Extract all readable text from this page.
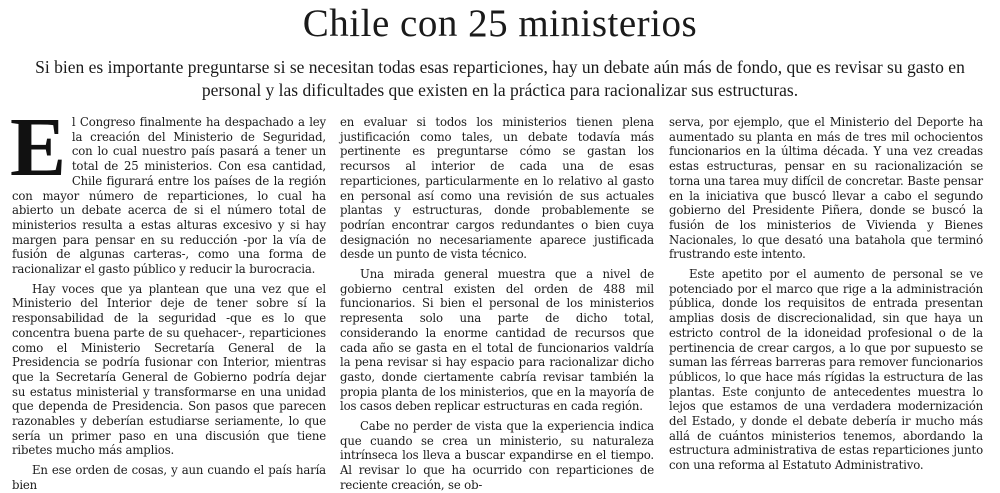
Chile con 25 ministerios

Si bien es importante preguntarse si se necesitan todas esas reparticiones, hay un debate aún más de fondo, que es revisar su gasto en personal y las dificultades que existen en la práctica para racionalizar sus estructuras.

E l Congreso finalmente ha despachado a ley la creación del Ministerio de Seguridad, con lo cual nuestro país pasará a tener un total de 25 ministerios. Con esa cantidad, Chile figurará entre los países de la región con mayor número de reparticiones, lo cual ha abierto un debate acerca de si el número total de ministerios resulta a estas alturas excesivo y si hay margen para pensar en su reducción -por la vía de fusión de algunas carteras-, como una forma de racionalizar el gasto público y reducir la burocracia.

Hay voces que ya plantean que una vez que el Ministerio del Interior deje de tener sobre sí la responsabilidad de la seguridad -que es lo que concentra buena parte de su quehacer-, reparticiones como el Ministerio Secretaría General de la Presidencia se podría fusionar con Interior, mientras que la Secretaría General de Gobierno podría dejar su estatus ministerial y transformarse en una unidad que dependa de Presidencia. Son pasos que parecen razonables y deberían estudiarse seriamente, lo que sería un primer paso en una discusión que tiene ribetes mucho más amplios.

En ese orden de cosas, y aun cuando el país haría bien

en evaluar si todos los ministerios tienen plena justificación como tales, un debate todavía más pertinente es preguntarse cómo se gastan los recursos al interior de cada una de esas reparticiones, particularmente en lo relativo al gasto en personal así como una revisión de sus actuales plantas y estructuras, donde probablemente se podrían encontrar cargos redundantes o bien cuya designación no necesariamente aparece justificada desde un punto de vista técnico.

Una mirada general muestra que a nivel de gobierno central existen del orden de 488 mil funcionarios. Si bien el personal de los ministerios representa solo una parte de dicho total, considerando la enorme cantidad de recursos que cada año se gasta en el total de funcionarios valdría la pena revisar si hay espacio para racionalizar dicho gasto, donde ciertamente cabría revisar también la propia planta de los ministerios, que en la mayoría de los casos deben replicar estructuras en cada región.

Cabe no perder de vista que la experiencia indica que cuando se crea un ministerio, su naturaleza intrínseca los lleva a buscar expandirse en el tiempo. Al revisar lo que ha ocurrido con reparticiones de reciente creación, se ob-

serva, por ejemplo, que el Ministerio del Deporte ha aumentado su planta en más de tres mil ochocientos funcionarios en la última década. Y una vez creadas estas estructuras, pensar en su racionalización se torna una tarea muy difícil de concretar. Baste pensar en la iniciativa que buscó llevar a cabo el segundo gobierno del Presidente Piñera, donde se buscó la fusión de los ministerios de Vivienda y Bienes Nacionales, lo que desató una batahola que terminó frustrando este intento.

Este apetito por el aumento de personal se ve potenciado por el marco que rige a la administración pública, donde los requisitos de entrada presentan amplias dosis de discrecionalidad, sin que haya un estricto control de la idoneidad profesional o de la pertinencia de crear cargos, a lo que por supuesto se suman las férreas barreras para remover funcionarios públicos, lo que hace más rígidas la estructura de las plantas. Este conjunto de antecedentes muestra lo lejos que estamos de una verdadera modernización del Estado, y donde el debate debería ir mucho más allá de cuántos ministerios tenemos, abordando la estructura administrativa de estas reparticiones junto con una reforma al Estatuto Administrativo.
